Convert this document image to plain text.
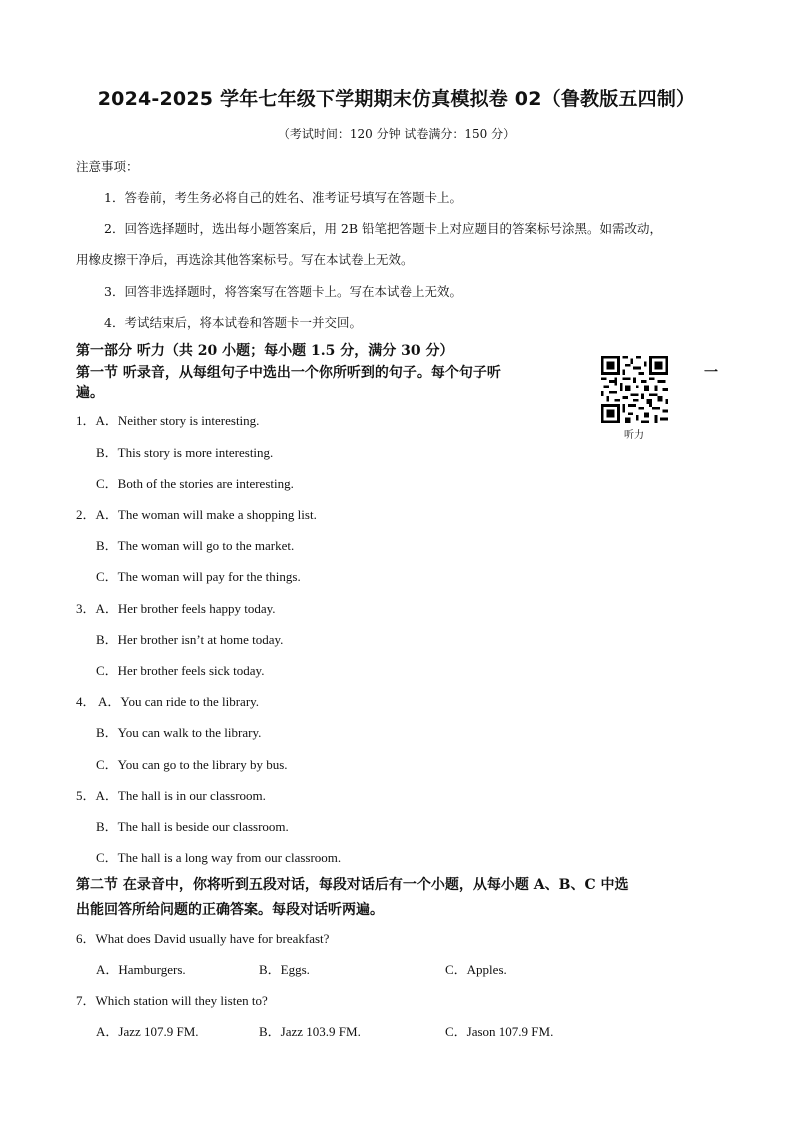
2024-2025 学年七年级下学期期末仿真模拟卷 02（鲁教版五四制）
（考试时间：120 分钟 试卷满分：150 分）
注意事项：
1．答卷前，考生务必将自己的姓名、准考证号填写在答题卡上。
2．回答选择题时，选出每小题答案后，用 2B 铅笔把答题卡上对应题目的答案标号涂黑。如需改动，
用橡皮擦干净后，再选涂其他答案标号。写在本试卷上无效。
3．回答非选择题时，将答案写在答题卡上。写在本试卷上无效。
4．考试结束后，将本试卷和答题卡一并交回。
第一部分 听力（共 20 小题；每小题 1.5 分，满分 30 分）
第一节 听录音，从每组句子中选出一个你所听到的句子。每个句子听	一
遍。
听力
1．A．Neither story is interesting.
B．This story is more interesting.
C．Both of the stories are interesting.
2．A．The woman will make a shopping list.
B．The woman will go to the market.
C．The woman will pay for the things.
3．A．Her brother feels happy today.
B．Her brother isn’t at home today.
C．Her brother feels sick today.
4． A．You can ride to the library.
B．You can walk to the library.
C．You can go to the library by bus.
5．A．The hall is in our classroom.
B．The hall is beside our classroom.
C．The hall is a long way from our classroom.
第二节 在录音中，你将听到五段对话，每段对话后有一个小题，从每小题 A、B、C 中选
出能回答所给问题的正确答案。每段对话听两遍。
6．What does David usually have for breakfast?
A．Hamburgers.	B．Eggs.	C．Apples.
7．Which station will they listen to?
A．Jazz 107.9 FM.	B．Jazz 103.9 FM.	C．Jason 107.9 FM.
